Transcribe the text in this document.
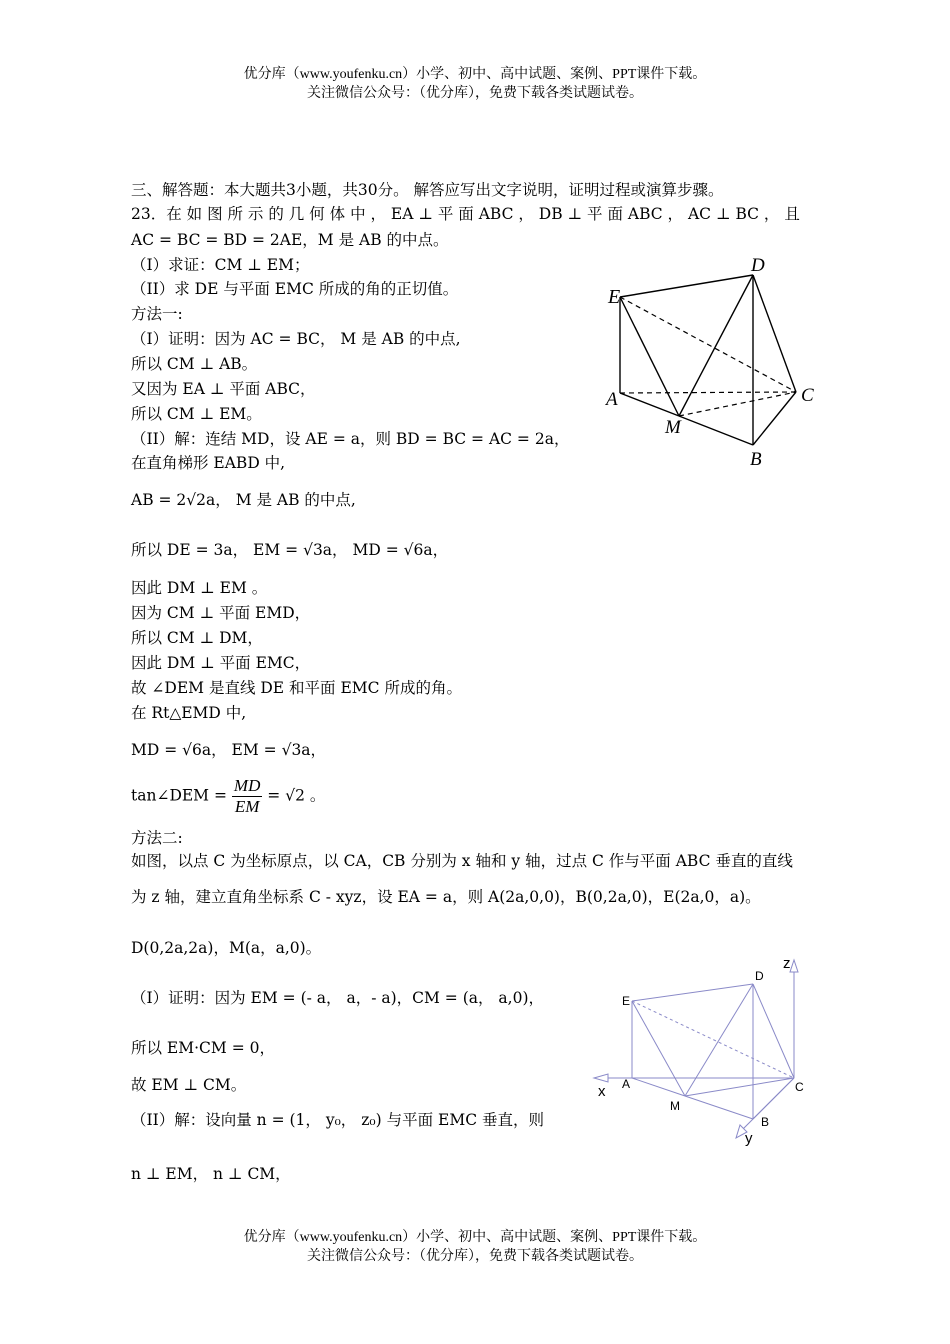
优分库（www.youfenku.cn）小学、初中、高中试题、案例、PPT课件下载。
关注微信公众号：（优分库），免费下载各类试题试卷。
三、解答题：本大题共3小题，共30分。 解答应写出文字说明，证明过程或演算步骤。
23．在 如 图 所 示 的 几 何 体 中 ， EA ⊥ 平 面 ABC ， DB ⊥ 平 面 ABC ， AC ⊥ BC ， 且
AC = BC = BD = 2AE，M 是 AB 的中点。
（I）求证：CM ⊥ EM；
（II）求 DE 与平面 EMC 所成的角的正切值。
方法一:
（I）证明：因为 AC = BC， M 是 AB 的中点,
所以 CM ⊥ AB。
又因为 EA ⊥ 平面 ABC，
所以 CM ⊥ EM。
（II）解：连结 MD，设 AE = a，则 BD = BC = AC = 2a，
在直角梯形 EABD 中,
AB = 2√2a， M 是 AB 的中点,
所以 DE = 3a， EM = √3a， MD = √6a，
因此 DM ⊥ EM 。
因为 CM ⊥ 平面 EMD，
所以 CM ⊥ DM，
因此 DM ⊥ 平面 EMC，
故 ∠DEM 是直线 DE 和平面 EMC 所成的角。
在 Rt△EMD 中,
MD = √6a， EM = √3a，
tan∠DEM = $\frac{MD}{EM} = √2$ 。
方法二:
如图，以点 C 为坐标原点，以 CA，CB 分别为 x 轴和 y 轴，过点 C 作与平面 ABC 垂直的直线
为 z 轴，建立直角坐标系 C - xyz，设 EA = a，则 A(2a,0,0)，B(0,2a,0)，E(2a,0，a)。
D(0,2a,2a)，M(a，a,0)。
（I）证明：因为 EM = (- a， a，- a)，CM = (a， a,0)，
所以 EM·CM = 0，
故 EM ⊥ CM。
（II）解：设向量 n = (1， y₀， z₀) 与平面 EMC 垂直，则
n ⊥ EM， n ⊥ CM，
E
D
A
M
C
B
z
D
E
x A
M
C
B
y
优分库（www.youfenku.cn）小学、初中、高中试题、案例、PPT课件下载。
关注微信公众号：（优分库），免费下载各类试题试卷。
